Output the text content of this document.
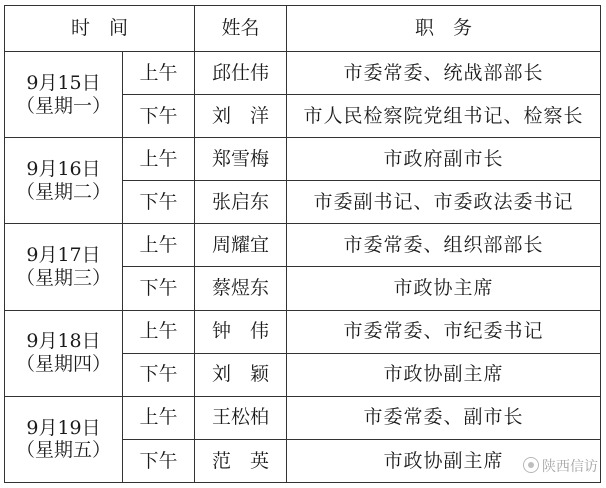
时　间		姓名	职　务

9月15日
（星期一）	上午	邱仕伟	市委常委、统战部部长
	下午	刘　洋	市人民检察院党组书记、检察长

9月16日
（星期二）	上午	郑雪梅	市政府副市长
	下午	张启东	市委副书记、市委政法委书记

9月17日
（星期三）	上午	周耀宜	市委常委、组织部部长
	下午	蔡煜东	市政协主席

9月18日
（星期四）	上午	钟　伟	市委常委、市纪委书记
	下午	刘　颖	市政协副主席

9月19日
（星期五）	上午	王松柏	市委常委、副市长
	下午	范　英	市政协副主席	陕西信访
